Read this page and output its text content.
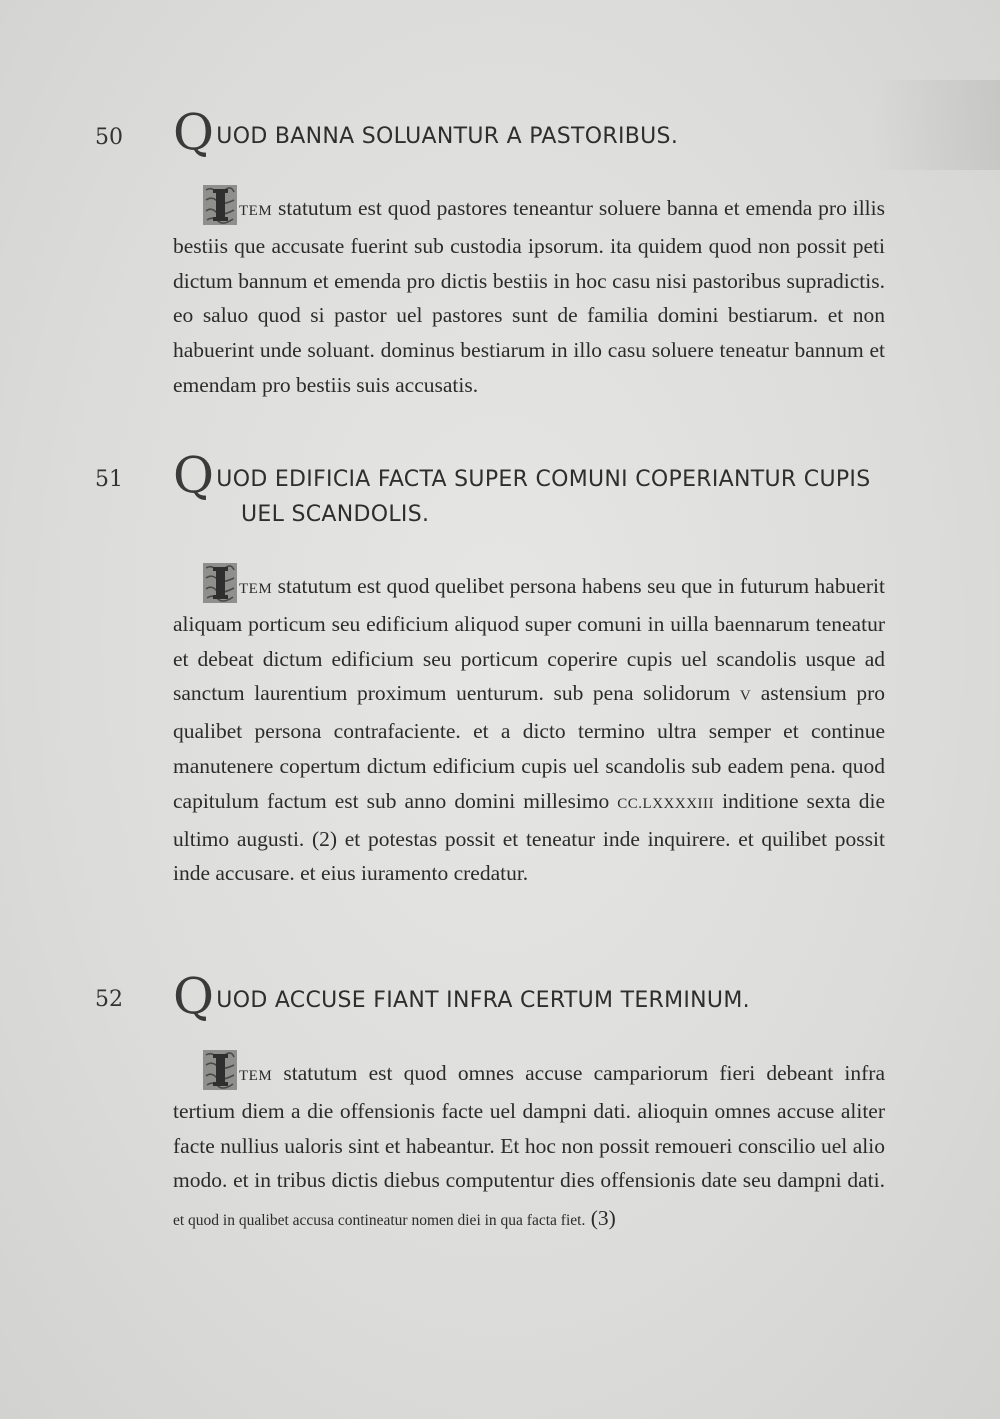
50 QUOD BANNA SOLUANTUR A PASTORIBUS.
TEM statutum est quod pastores teneantur soluere banna et emenda pro illis bestiis que accusate fuerint sub custodia ipsorum. ita quidem quod non possit peti dictum bannum et emenda pro dictis bestiis in hoc casu nisi pastoribus supradictis. eo saluo quod si pastor uel pastores sunt de familia domini bestiarum. et non habuerint unde soluant. dominus bestiarum in illo casu soluere teneatur bannum et emendam pro bestiis suis accusatis.
51 QUOD EDIFICIA FACTA SUPER COMUNI COPERIANTUR CUPIS
UEL SCANDOLIS.
TEM statutum est quod quelibet persona habens seu que in futurum habuerit aliquam porticum seu edificium aliquod super comuni in uilla baennarum teneatur et debeat dictum edificium seu porticum coperire cupis uel scandolis usque ad sanctum laurentium proximum uenturum. sub pena solidorum V astensium pro qualibet persona contrafaciente. et a dicto termino ultra semper et continue manutenere copertum dictum edificium cupis uel scandolis sub eadem pena. quod capitulum factum est sub anno domini millesimo CC.LXXXXIII inditione sexta die ultimo augusti. (2) et potestas possit et teneatur inde inquirere. et quilibet possit inde accusare. et eius iuramento credatur.
52 QUOD ACCUSE FIANT INFRA CERTUM TERMINUM.
TEM statutum est quod omnes accuse campariorum fieri debeant infra tertium diem a die offensionis facte uel dampni dati. alioquin omnes accuse aliter facte nullius ualoris sint et habeantur. Et hoc non possit remoueri conscilio uel alio modo. et in tribus dictis diebus computentur dies offensionis date seu dampni dati. et quod in qualibet accusa contineatur nomen diei in qua facta fiet. (3)
